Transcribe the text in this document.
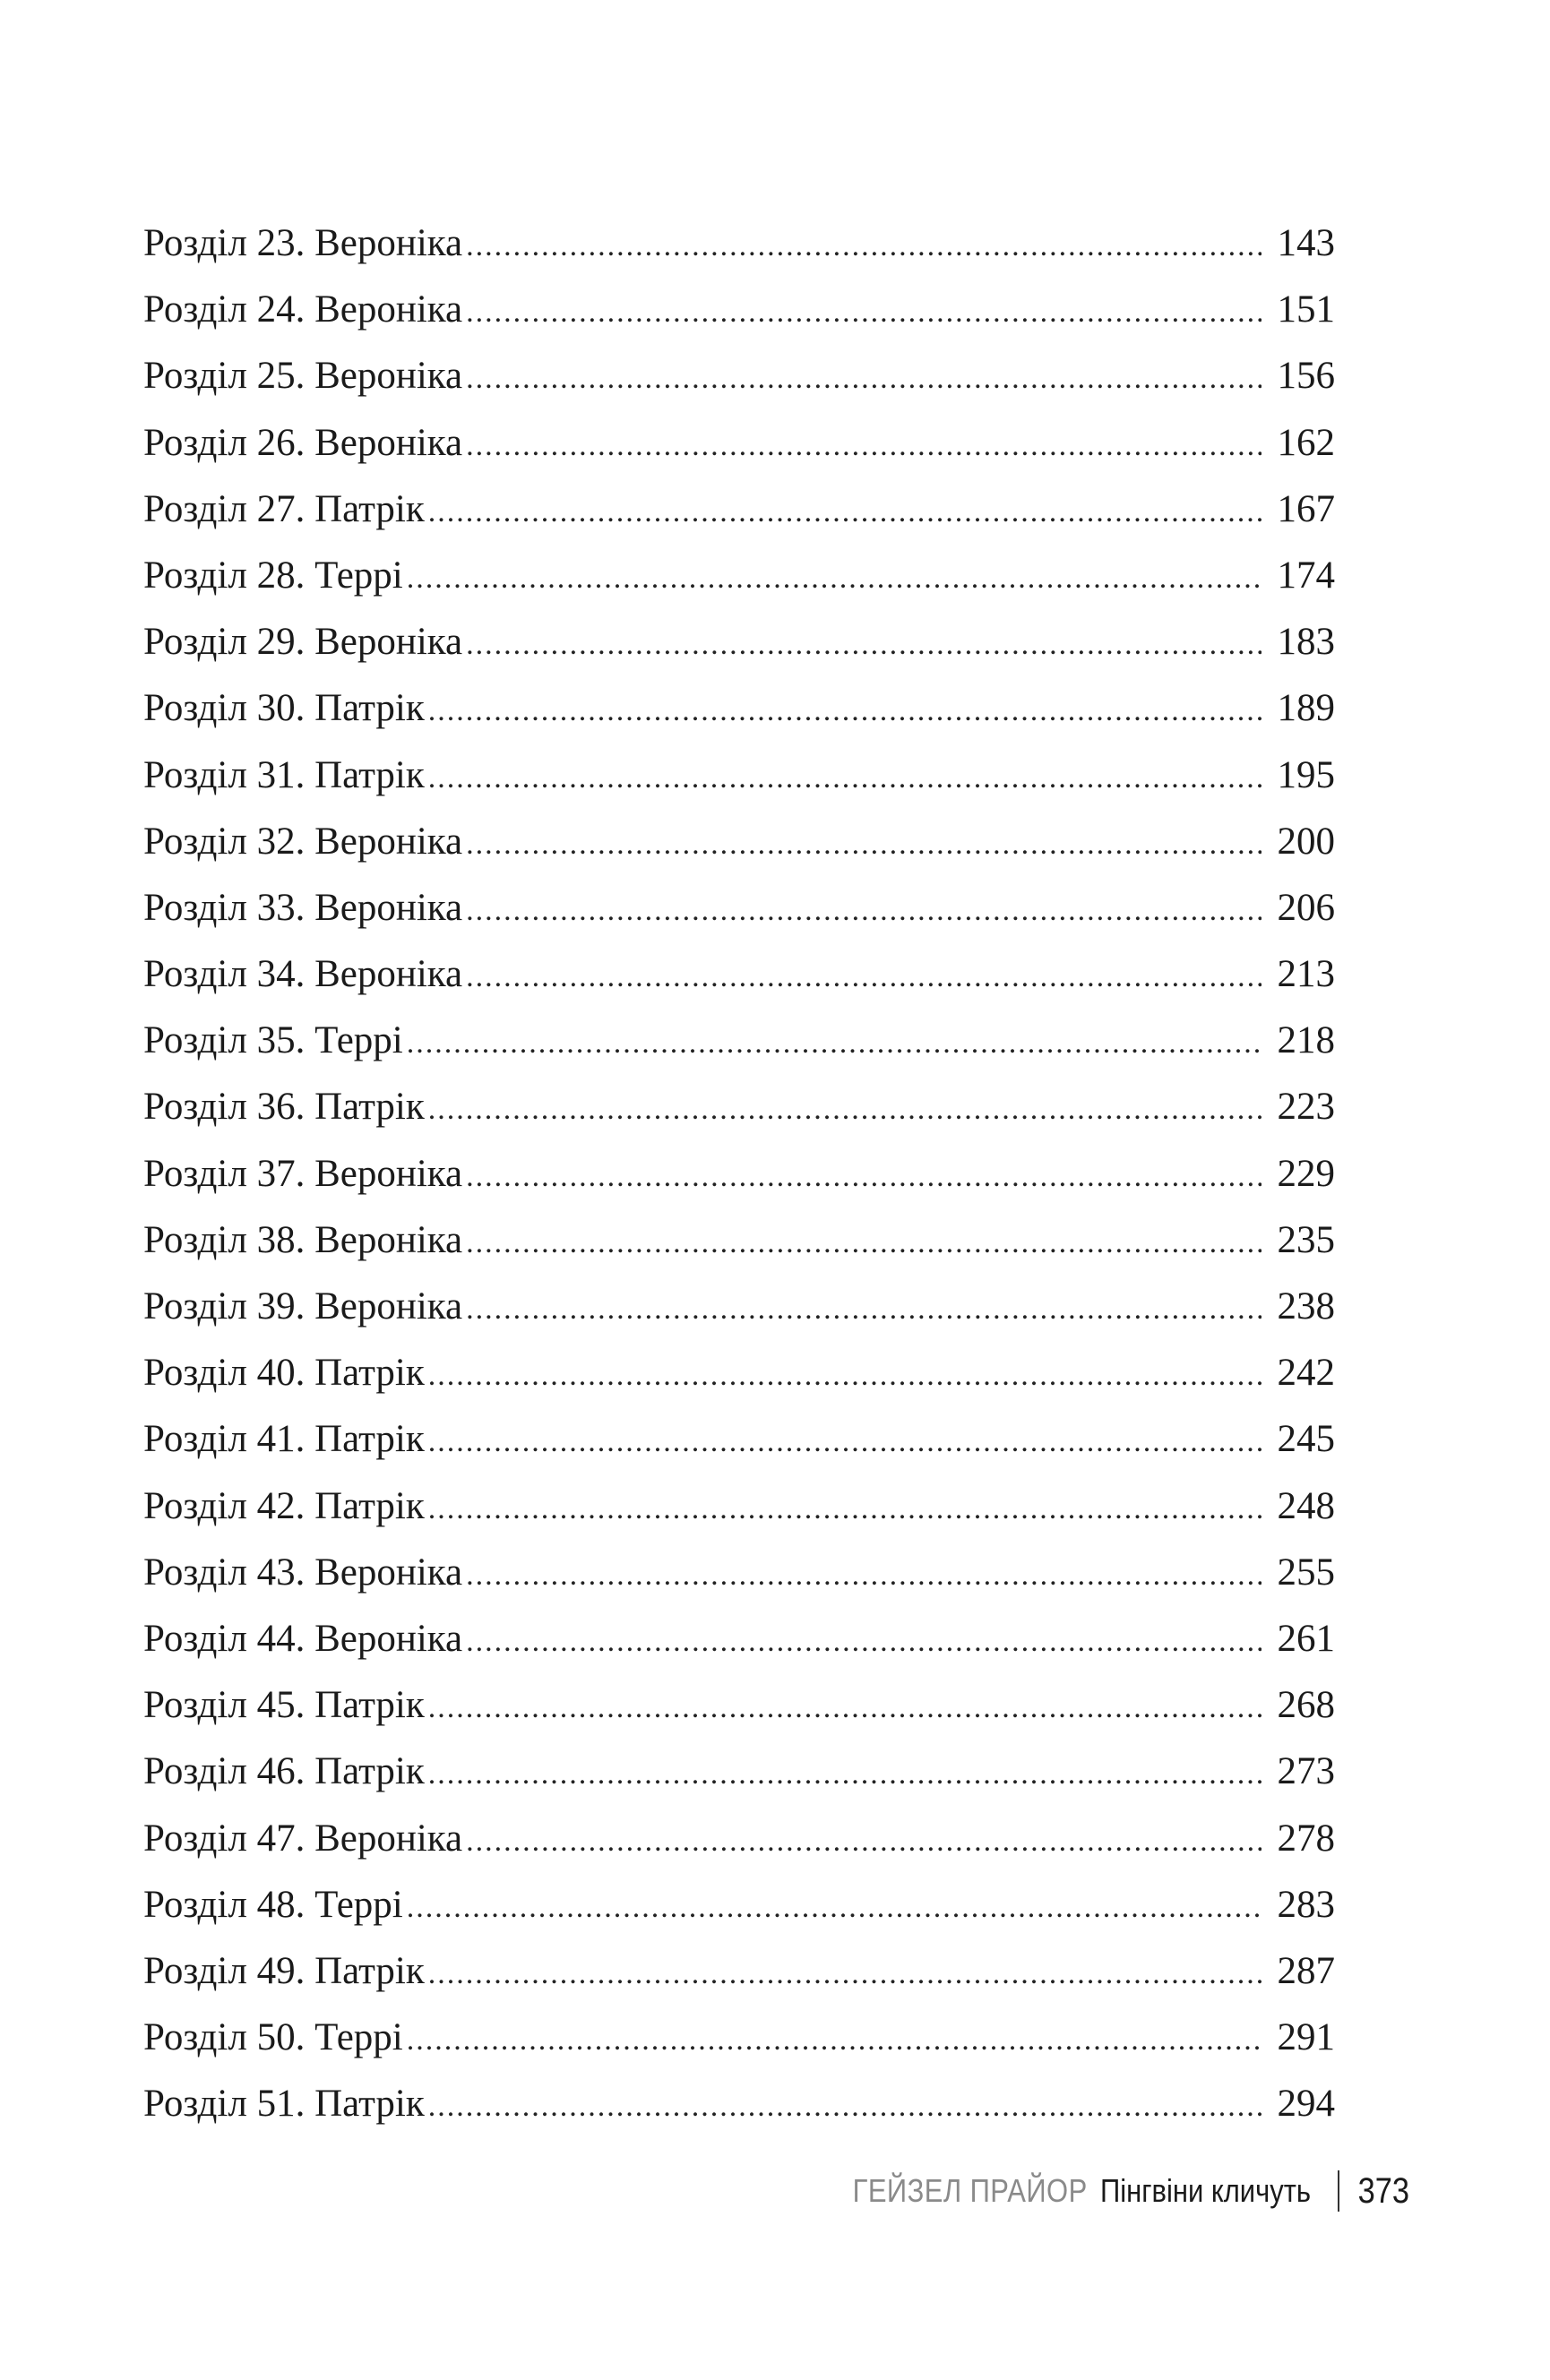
Розділ 23. Вероніка .....	143
Розділ 24. Вероніка .....	151
Розділ 25. Вероніка .....	156
Розділ 26. Вероніка .....	162
Розділ 27. Патрік .....	167
Розділ 28. Террі .....	174
Розділ 29. Вероніка .....	183
Розділ 30. Патрік .....	189
Розділ 31. Патрік .....	195
Розділ 32. Вероніка .....	200
Розділ 33. Вероніка .....	206
Розділ 34. Вероніка .....	213
Розділ 35. Террі .....	218
Розділ 36. Патрік .....	223
Розділ 37. Вероніка .....	229
Розділ 38. Вероніка .....	235
Розділ 39. Вероніка .....	238
Розділ 40. Патрік .....	242
Розділ 41. Патрік .....	245
Розділ 42. Патрік .....	248
Розділ 43. Вероніка .....	255
Розділ 44. Вероніка .....	261
Розділ 45. Патрік .....	268
Розділ 46. Патрік .....	273
Розділ 47. Вероніка .....	278
Розділ 48. Террі .....	283
Розділ 49. Патрік .....	287
Розділ 50. Террі .....	291
Розділ 51. Патрік .....	294
ГЕЙЗЕЛ ПРАЙОР Пінгвіни кличуть 373
